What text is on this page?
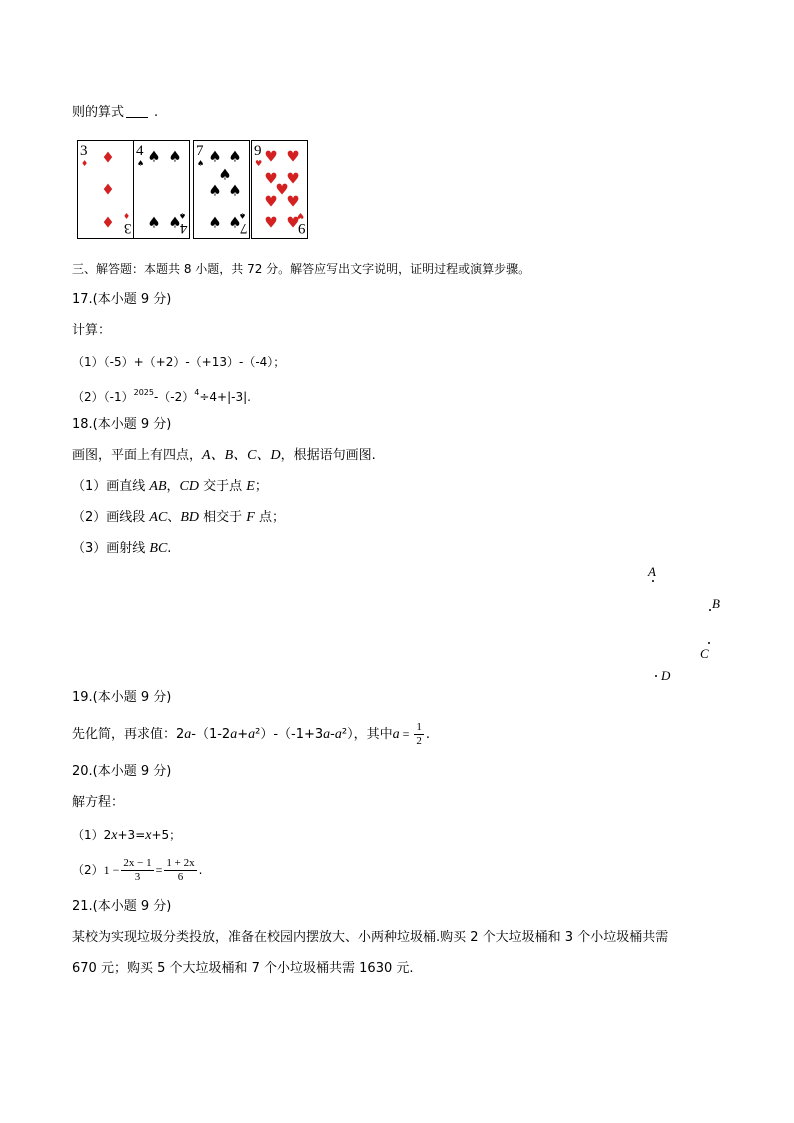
则的算式 .
3
♦ ♦
♦
♦ ♦
3
4
♠ ♠ ♠
♠ ♠
♠
4
7
♠ ♠ ♠
♠
♠ ♠
♠ ♠
♠
7
9
♥ ♥ ♥
♥ ♥
♥
♥ ♥
♥ ♥
♥
9
三、解答题：本题共 8 小题，共 72 分。解答应写出文字说明，证明过程或演算步骤。
17.(本小题 9 分)
计算：
（1）（-5）+（+2）-（+13）-（-4）；
$(2)(-1)^{2025}-(-2)^4\div 4+|-3|$.
18.(本小题 9 分)
画图，平面上有四点，A、B、C、D，根据语句画图.
（1）画直线 AB，CD 交于点 E；
（2）画线段 AC、BD 相交于 F 点；
（3）画射线 BC.
A
B
C
D
19.(本小题 9 分)
先化简，再求值：2a-（1-2a+a²）-（-1+3a-a²），其中$a = \frac{1}{2}$ .
20.(本小题 9 分)
解方程：
（1）2x+3=x+5；
$(2)1 - \frac{2x - 1}{3} = \frac{1 + 2x}{6}$ .
21.(本小题 9 分)
某校为实现垃圾分类投放，准备在校园内摆放大、小两种垃圾桶.购买 2 个大垃圾桶和 3 个小垃圾桶共需
670 元；购买 5 个大垃圾桶和 7 个小垃圾桶共需 1630 元.
